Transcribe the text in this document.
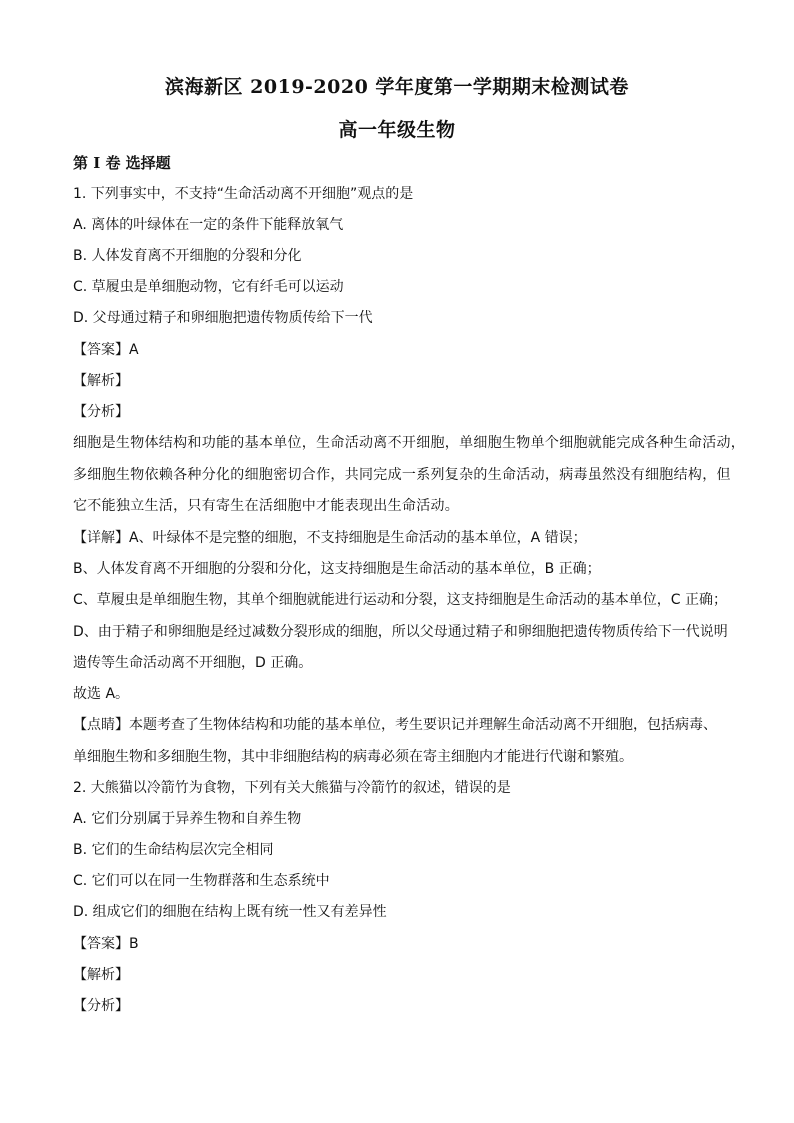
滨海新区 2019-2020 学年度第一学期期末检测试卷
高一年级生物
第 I 卷 选择题
1. 下列事实中，不支持“生命活动离不开细胞”观点的是
A. 离体的叶绿体在一定的条件下能释放氧气
B. 人体发育离不开细胞的分裂和分化
C. 草履虫是单细胞动物，它有纤毛可以运动
D. 父母通过精子和卵细胞把遗传物质传给下一代
【答案】A
【解析】
【分析】
细胞是生物体结构和功能的基本单位，生命活动离不开细胞，单细胞生物单个细胞就能完成各种生命活动，
多细胞生物依赖各种分化的细胞密切合作，共同完成一系列复杂的生命活动，病毒虽然没有细胞结构，但
它不能独立生活，只有寄生在活细胞中才能表现出生命活动。
【详解】A、叶绿体不是完整的细胞，不支持细胞是生命活动的基本单位，A 错误；
B、人体发育离不开细胞的分裂和分化，这支持细胞是生命活动的基本单位，B 正确；
C、草履虫是单细胞生物，其单个细胞就能进行运动和分裂，这支持细胞是生命活动的基本单位，C 正确；
D、由于精子和卵细胞是经过减数分裂形成的细胞，所以父母通过精子和卵细胞把遗传物质传给下一代说明
遗传等生命活动离不开细胞，D 正确。
故选 A。
【点睛】本题考查了生物体结构和功能的基本单位，考生要识记并理解生命活动离不开细胞，包括病毒、
单细胞生物和多细胞生物，其中非细胞结构的病毒必须在寄主细胞内才能进行代谢和繁殖。
2. 大熊猫以冷箭竹为食物，下列有关大熊猫与冷箭竹的叙述，错误的是
A. 它们分别属于异养生物和自养生物
B. 它们的生命结构层次完全相同
C. 它们可以在同一生物群落和生态系统中
D. 组成它们的细胞在结构上既有统一性又有差异性
【答案】B
【解析】
【分析】
